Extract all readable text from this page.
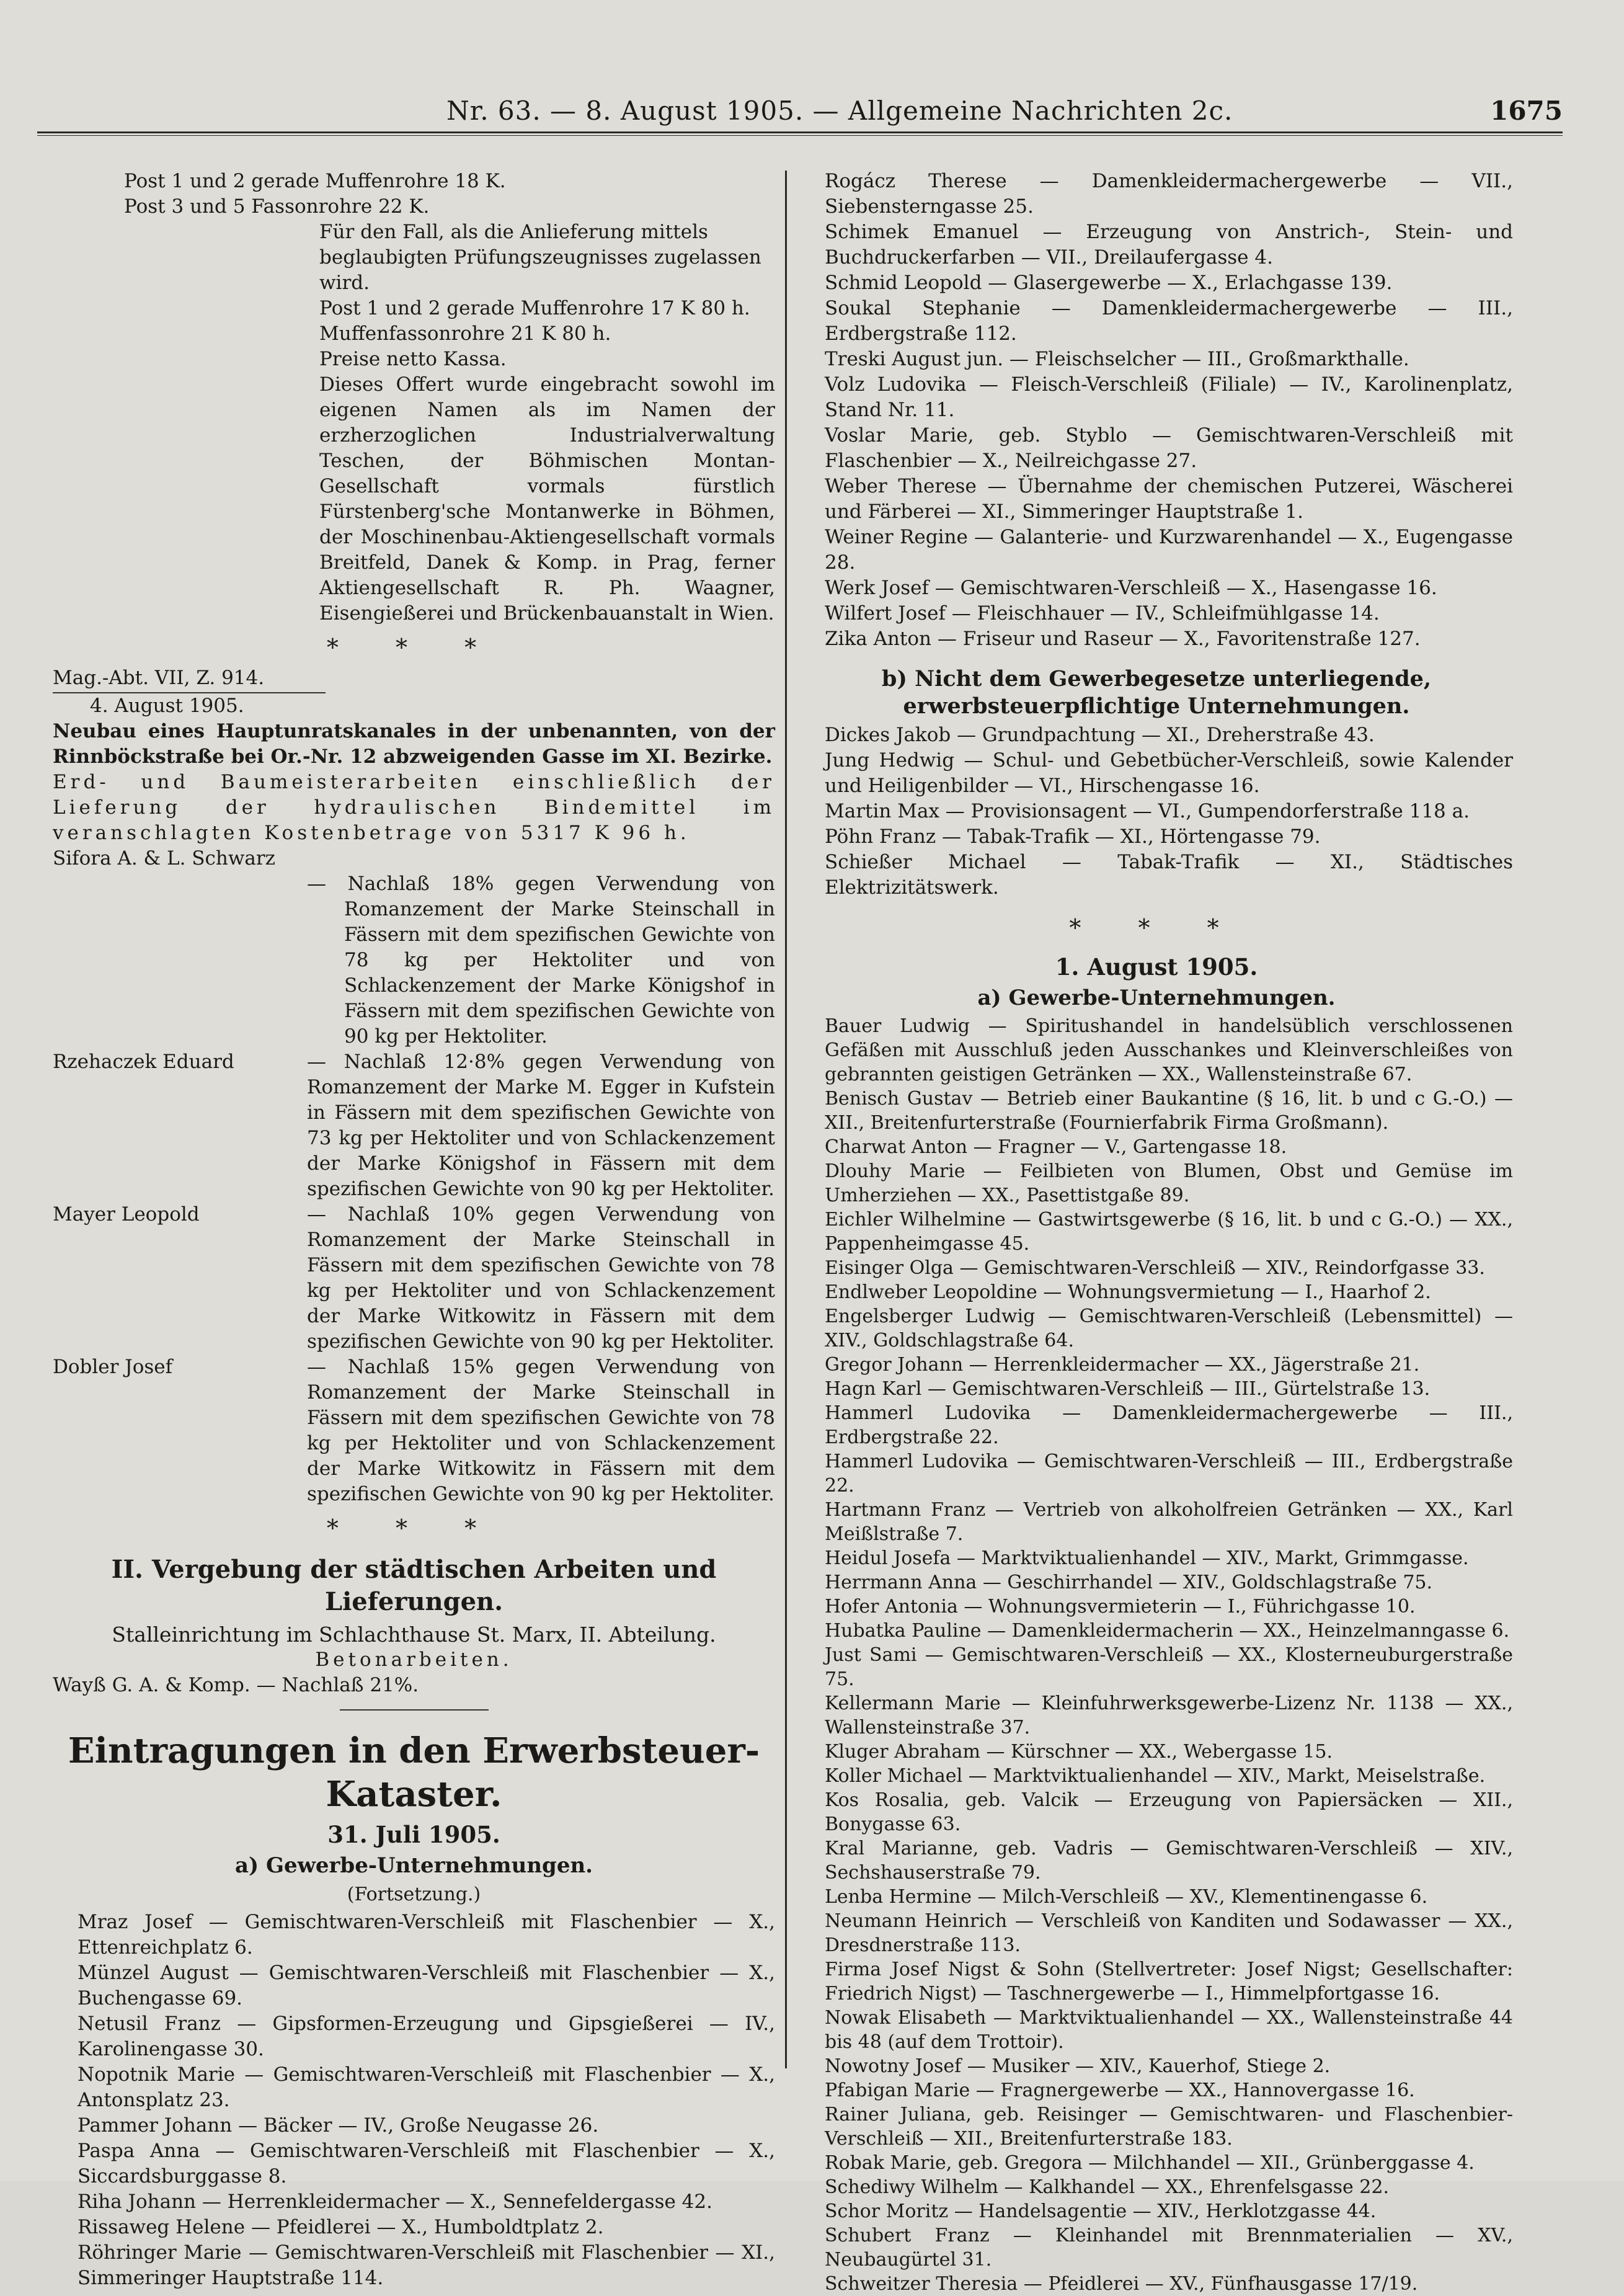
Nr. 63. — 8. August 1905. — Allgemeine Nachrichten 2c.	1675

Post 1 und 2 gerade Muffenrohre 18 K.

Post 3 und 5 Fassonrohre 22 K.

Für den Fall, als die Anlieferung mittels beglaubigten Prüfungszeugnisses zugelassen wird.

Post 1 und 2 gerade Muffenrohre 17 K 80 h.

Muffenfassonrohre 21 K 80 h.

Preise netto Kassa.

Dieses Offert wurde eingebracht sowohl im eigenen Namen als im Namen der erzherzoglichen Industrialverwaltung Teschen, der Böhmischen Montan-Gesellschaft vormals fürstlich Fürstenberg'sche Montanwerke in Böhmen, der Moschinenbau-Aktiengesellschaft vormals Breitfeld, Danek & Komp. in Prag, ferner Aktiengesellschaft R. Ph. Waagner, Eisengießerei und Brückenbauanstalt in Wien.

* * *

Mag.-Abt. VII, Z. 914.

4. August 1905.

Neubau eines Hauptunratskanales in der unbenannten, von der Rinnböckstraße bei Or.-Nr. 12 abzweigenden Gasse im XI. Bezirke.

Erd- und Baumeisterarbeiten einschließlich der Lieferung der hydraulischen Bindemittel im veranschlagten Kostenbetrage von 5317 K 96 h.

Sifora A. & L. Schwarz

— Nachlaß 18% gegen Verwendung von Romanzement der Marke Steinschall in Fässern mit dem spezifischen Gewichte von 78 kg per Hektoliter und von Schlackenzement der Marke Königshof in Fässern mit dem spezifischen Gewichte von 90 kg per Hektoliter.

Rzehaczek Eduard	— Nachlaß 12·8% gegen Verwendung von Romanzement der Marke M. Egger in Kufstein in Fässern mit dem spezifischen Gewichte von 73 kg per Hektoliter und von Schlackenzement der Marke Königshof in Fässern mit dem spezifischen Gewichte von 90 kg per Hektoliter.
Mayer Leopold	— Nachlaß 10% gegen Verwendung von Romanzement der Marke Steinschall in Fässern mit dem spezifischen Gewichte von 78 kg per Hektoliter und von Schlackenzement der Marke Witkowitz in Fässern mit dem spezifischen Gewichte von 90 kg per Hektoliter.
Dobler Josef	— Nachlaß 15% gegen Verwendung von Romanzement der Marke Steinschall in Fässern mit dem spezifischen Gewichte von 78 kg per Hektoliter und von Schlackenzement der Marke Witkowitz in Fässern mit dem spezifischen Gewichte von 90 kg per Hektoliter.
* * *
II. Vergebung der städtischen Arbeiten und Lieferungen.

Stalleinrichtung im Schlachthause St. Marx, II. Abteilung.

Betonarbeiten.

Wayß G. A. & Komp. — Nachlaß 21%.

Eintragungen in den Erwerbsteuer-Kataster.
31. Juli 1905.
a) Gewerbe-Unternehmungen.
(Fortsetzung.)

Mraz Josef — Gemischtwaren-Verschleiß mit Flaschenbier — X., Ettenreichplatz 6.

Münzel August — Gemischtwaren-Verschleiß mit Flaschenbier — X., Buchengasse 69.

Netusil Franz — Gipsformen-Erzeugung und Gipsgießerei — IV., Karolinengasse 30.

Nopotnik Marie — Gemischtwaren-Verschleiß mit Flaschenbier — X., Antonsplatz 23.

Pammer Johann — Bäcker — IV., Große Neugasse 26.

Paspa Anna — Gemischtwaren-Verschleiß mit Flaschenbier — X., Siccardsburggasse 8.

Riha Johann — Herrenkleidermacher — X., Sennefeldergasse 42.

Rissaweg Helene — Pfeidlerei — X., Humboldtplatz 2.

Röhringer Marie — Gemischtwaren-Verschleiß mit Flaschenbier — XI., Simmeringer Hauptstraße 114.

Rogácz Therese — Damenkleidermachergewerbe — VII., Siebensterngasse 25.

Schimek Emanuel — Erzeugung von Anstrich-, Stein- und Buchdruckerfarben — VII., Dreilaufergasse 4.

Schmid Leopold — Glasergewerbe — X., Erlachgasse 139.

Soukal Stephanie — Damenkleidermachergewerbe — III., Erdbergstraße 112.

Treski August jun. — Fleischselcher — III., Großmarkthalle.

Volz Ludovika — Fleisch-Verschleiß (Filiale) — IV., Karolinenplatz, Stand Nr. 11.

Voslar Marie, geb. Styblo — Gemischtwaren-Verschleiß mit Flaschenbier — X., Neilreichgasse 27.

Weber Therese — Übernahme der chemischen Putzerei, Wäscherei und Färberei — XI., Simmeringer Hauptstraße 1.

Weiner Regine — Galanterie- und Kurzwarenhandel — X., Eugengasse 28.

Werk Josef — Gemischtwaren-Verschleiß — X., Hasengasse 16.

Wilfert Josef — Fleischhauer — IV., Schleifmühlgasse 14.

Zika Anton — Friseur und Raseur — X., Favoritenstraße 127.

b) Nicht dem Gewerbegesetze unterliegende, erwerbsteuerpflichtige Unternehmungen.

Dickes Jakob — Grundpachtung — XI., Dreherstraße 43.

Jung Hedwig — Schul- und Gebetbücher-Verschleiß, sowie Kalender und Heiligenbilder — VI., Hirschengasse 16.

Martin Max — Provisionsagent — VI., Gumpendorferstraße 118 a.

Pöhn Franz — Tabak-Trafik — XI., Hörtengasse 79.

Schießer Michael — Tabak-Trafik — XI., Städtisches Elektrizitätswerk.

* * *
1. August 1905.
a) Gewerbe-Unternehmungen.

Bauer Ludwig — Spiritushandel in handelsüblich verschlossenen Gefäßen mit Ausschluß jeden Ausschankes und Kleinverschleißes von gebrannten geistigen Getränken — XX., Wallensteinstraße 67.

Benisch Gustav — Betrieb einer Baukantine (§ 16, lit. b und c G.-O.) — XII., Breitenfurterstraße (Fournierfabrik Firma Großmann).

Charwat Anton — Fragner — V., Gartengasse 18.

Dlouhy Marie — Feilbieten von Blumen, Obst und Gemüse im Umherziehen — XX., Pasettistgaße 89.

Eichler Wilhelmine — Gastwirtsgewerbe (§ 16, lit. b und c G.-O.) — XX., Pappenheimgasse 45.

Eisinger Olga — Gemischtwaren-Verschleiß — XIV., Reindorfgasse 33.

Endlweber Leopoldine — Wohnungsvermietung — I., Haarhof 2.

Engelsberger Ludwig — Gemischtwaren-Verschleiß (Lebensmittel) — XIV., Goldschlagstraße 64.

Gregor Johann — Herrenkleidermacher — XX., Jägerstraße 21.

Hagn Karl — Gemischtwaren-Verschleiß — III., Gürtelstraße 13.

Hammerl Ludovika — Damenkleidermachergewerbe — III., Erdbergstraße 22.

Hammerl Ludovika — Gemischtwaren-Verschleiß — III., Erdbergstraße 22.

Hartmann Franz — Vertrieb von alkoholfreien Getränken — XX., Karl Meißlstraße 7.

Heidul Josefa — Marktviktualienhandel — XIV., Markt, Grimmgasse.

Herrmann Anna — Geschirrhandel — XIV., Goldschlagstraße 75.

Hofer Antonia — Wohnungsvermieterin — I., Führichgasse 10.

Hubatka Pauline — Damenkleidermacherin — XX., Heinzelmanngasse 6.

Just Sami — Gemischtwaren-Verschleiß — XX., Klosterneuburgerstraße 75.

Kellermann Marie — Kleinfuhrwerksgewerbe-Lizenz Nr. 1138 — XX., Wallensteinstraße 37.

Kluger Abraham — Kürschner — XX., Webergasse 15.

Koller Michael — Marktviktualienhandel — XIV., Markt, Meiselstraße.

Kos Rosalia, geb. Valcik — Erzeugung von Papiersäcken — XII., Bonygasse 63.

Kral Marianne, geb. Vadris — Gemischtwaren-Verschleiß — XIV., Sechshauserstraße 79.

Lenba Hermine — Milch-Verschleiß — XV., Klementinengasse 6.

Neumann Heinrich — Verschleiß von Kanditen und Sodawasser — XX., Dresdnerstraße 113.

Firma Josef Nigst & Sohn (Stellvertreter: Josef Nigst; Gesellschafter: Friedrich Nigst) — Taschnergewerbe — I., Himmelpfortgasse 16.

Nowak Elisabeth — Marktviktualienhandel — XX., Wallensteinstraße 44 bis 48 (auf dem Trottoir).

Nowotny Josef — Musiker — XIV., Kauerhof, Stiege 2.

Pfabigan Marie — Fragnergewerbe — XX., Hannovergasse 16.

Rainer Juliana, geb. Reisinger — Gemischtwaren- und Flaschenbier-Verschleiß — XII., Breitenfurterstraße 183.

Robak Marie, geb. Gregora — Milchhandel — XII., Grünberggasse 4.

Schediwy Wilhelm — Kalkhandel — XX., Ehrenfelsgasse 22.

Schor Moritz — Handelsagentie — XIV., Herklotzgasse 44.

Schubert Franz — Kleinhandel mit Brennmaterialien — XV., Neubaugürtel 31.

Schweitzer Theresia — Pfeidlerei — XV., Fünfhausgasse 17/19.
